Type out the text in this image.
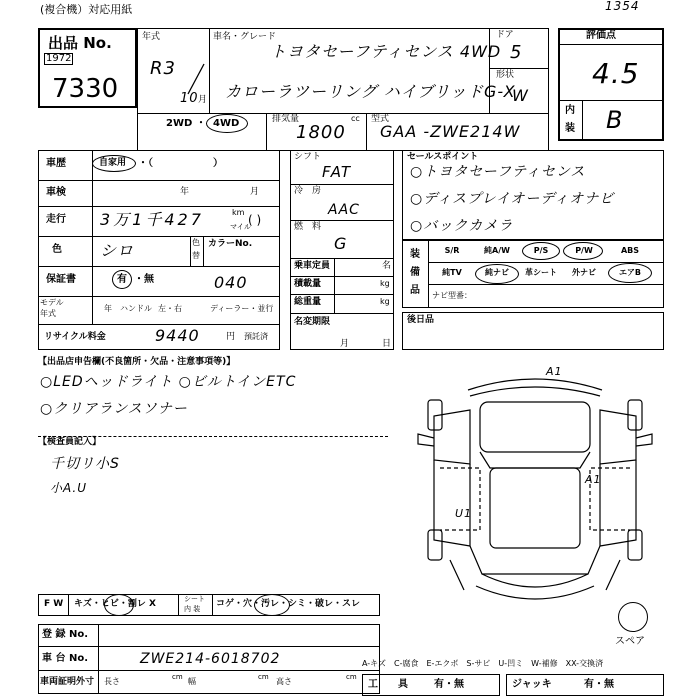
(複合機）対応用紙	1354
出品 No.
1972
7330
年式
R3
10 月
車名・グレード
トヨタセーフティセンス 4WD
カローラツーリング ハイブリッドG-X
ドア
5
形状
W
2WD ・ 4WD	排気量	cc
1800
型式
GAA -ZWE214W
評価点
4.5
内
装 B
車歴	自家用 ・（　　　　　　）
車検	年	月
走行 3万1千427	km
マイル
( )
色 シロ	色
替
カラーNo.
040
保証書	有 ・無
モデル
年式
年 ハンドル 左・右	ディーラー・並行
リサイクル料金	9440	円 預託済
シフト
FAT
冷　房
AAC
燃　料
G
乗車定員	名
積載量	kg
総重量	kg
名変期限
月	日
セールスポイント
○トヨタセーフティセンス
○ディスプレイオーディオナビ
○バックカメラ
装
備
品
S/R	純A/W	P/S	P/W	ABS
純TV	純ナビ	革シート	外ナビ	エアB
ナビ型番：
後日品
【出品店申告欄(不良箇所・欠品・注意事項等)】
○LEDヘッドライト ○ビルトインETC
○クリアランスソナー
【検査員記入】
千切リ小S
小A.U
A1
A1
U1
スペア
F W キズ・ヒビ・割レ X	シート
内 装 コゲ・穴・汚レ・シミ・破レ・スレ
登 録 No.
車 台 No.	ZWE214-6018702
車両証明外寸 長さ	cm 幅	cm 高さ	cm
A-キズ　C-腐食　E-エクボ　S-サビ　U-凹ミ　W-補修　XX-交換済
工　　具	有・無	ジャッキ	有・無
